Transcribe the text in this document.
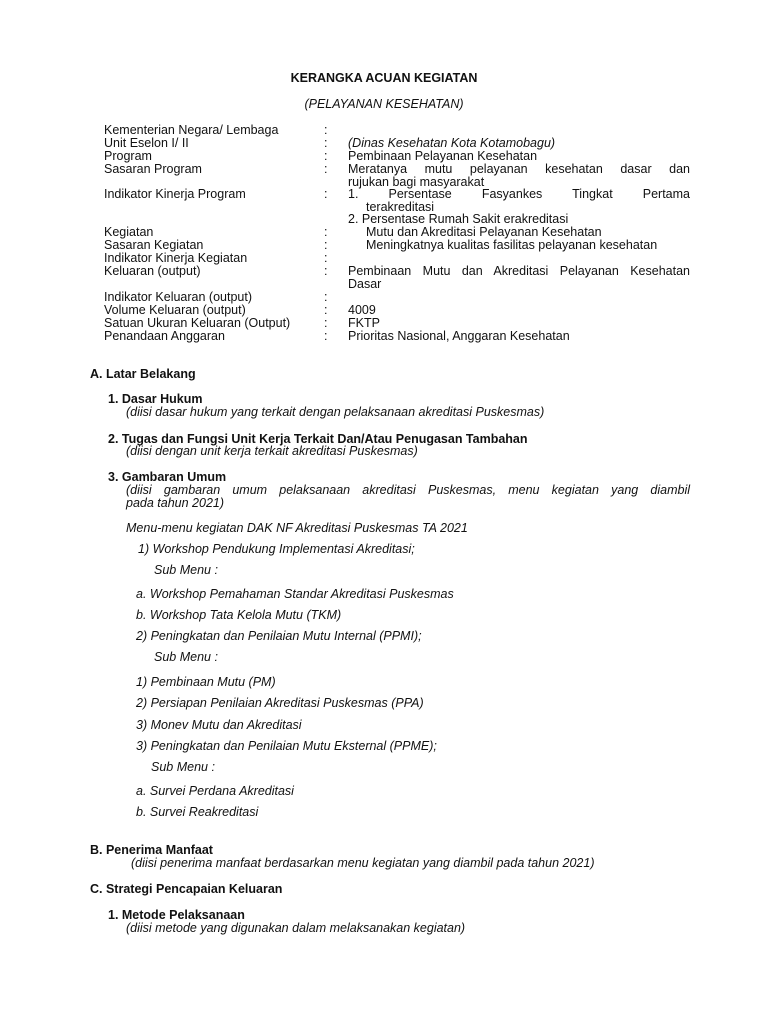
KERANGKA ACUAN KEGIATAN
(PELAYANAN KESEHATAN)
Kementerian Negara/ Lembaga
Unit Eselon I/ II
Program
Sasaran Program
Indikator Kinerja Program
Kegiatan
Sasaran Kegiatan
Indikator Kinerja Kegiatan
Keluaran (output)
Indikator Keluaran (output)
Volume Keluaran (output)
Satuan Ukuran Keluaran (Output)
Penandaan Anggaran
:
:
:
:
:
:
:
:
:
:
:
:
:
(Dinas Kesehatan Kota Kotamobagu)
Pembinaan Pelayanan Kesehatan
Meratanya mutu pelayanan kesehatan dasar dan
rujukan bagi masyarakat
1. Persentase Fasyankes Tingkat Pertama
terakreditasi
2. Persentase Rumah Sakit erakreditasi
Mutu dan Akreditasi Pelayanan Kesehatan
Meningkatnya kualitas fasilitas pelayanan kesehatan
Pembinaan Mutu dan Akreditasi Pelayanan Kesehatan
Dasar
4009
FKTP
Prioritas Nasional, Anggaran Kesehatan
A. Latar Belakang
1. Dasar Hukum
(diisi dasar hukum yang terkait dengan pelaksanaan akreditasi Puskesmas)
2. Tugas dan Fungsi Unit Kerja Terkait Dan/Atau Penugasan Tambahan
(diisi dengan unit kerja terkait akreditasi Puskesmas)
3. Gambaran Umum
(diisi gambaran umum pelaksanaan akreditasi Puskesmas, menu kegiatan yang diambil
pada tahun 2021)
Menu-menu kegiatan DAK NF Akreditasi Puskesmas TA 2021
1) Workshop Pendukung Implementasi Akreditasi;
Sub Menu :
a. Workshop Pemahaman Standar Akreditasi Puskesmas
b. Workshop Tata Kelola Mutu (TKM)
2) Peningkatan dan Penilaian Mutu Internal (PPMI);
Sub Menu :
1) Pembinaan Mutu (PM)
2) Persiapan Penilaian Akreditasi Puskesmas (PPA)
3) Monev Mutu dan Akreditasi
3) Peningkatan dan Penilaian Mutu Eksternal (PPME);
Sub Menu :
a. Survei Perdana Akreditasi
b. Survei Reakreditasi
B. Penerima Manfaat
(diisi penerima manfaat berdasarkan menu kegiatan yang diambil pada tahun 2021)
C. Strategi Pencapaian Keluaran
1. Metode Pelaksanaan
(diisi metode yang digunakan dalam melaksanakan kegiatan)
